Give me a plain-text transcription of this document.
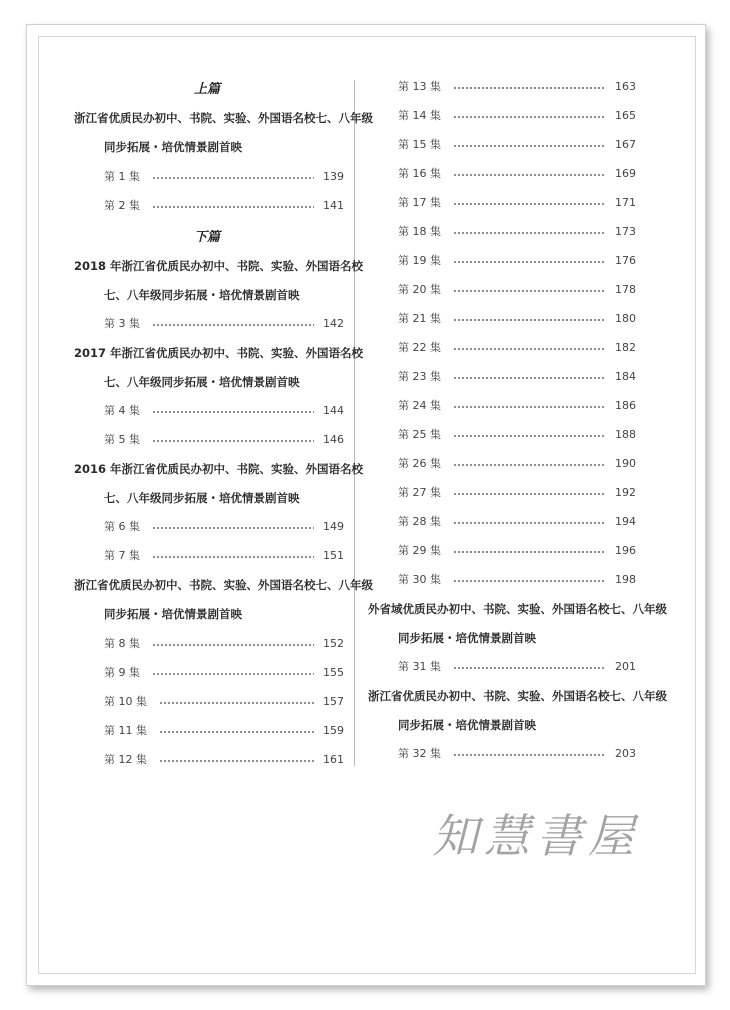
上篇
浙江省优质民办初中、书院、实验、外国语名校七、八年级
同步拓展・培优情景剧首映
第 1 集	139
第 2 集	141
下篇
2018 年浙江省优质民办初中、书院、实验、外国语名校
七、八年级同步拓展・培优情景剧首映
第 3 集	142
2017 年浙江省优质民办初中、书院、实验、外国语名校
七、八年级同步拓展・培优情景剧首映
第 4 集	144
第 5 集	146
2016 年浙江省优质民办初中、书院、实验、外国语名校
七、八年级同步拓展・培优情景剧首映
第 6 集	149
第 7 集	151
浙江省优质民办初中、书院、实验、外国语名校七、八年级
同步拓展・培优情景剧首映
第 8 集	152
第 9 集	155
第 10 集	157
第 11 集	159
第 12 集	161
第 13 集	163
第 14 集	165
第 15 集	167
第 16 集	169
第 17 集	171
第 18 集	173
第 19 集	176
第 20 集	178
第 21 集	180
第 22 集	182
第 23 集	184
第 24 集	186
第 25 集	188
第 26 集	190
第 27 集	192
第 28 集	194
第 29 集	196
第 30 集	198
外省域优质民办初中、书院、实验、外国语名校七、八年级
同步拓展・培优情景剧首映
第 31 集	201
浙江省优质民办初中、书院、实验、外国语名校七、八年级
同步拓展・培优情景剧首映
第 32 集	203
知慧書屋
